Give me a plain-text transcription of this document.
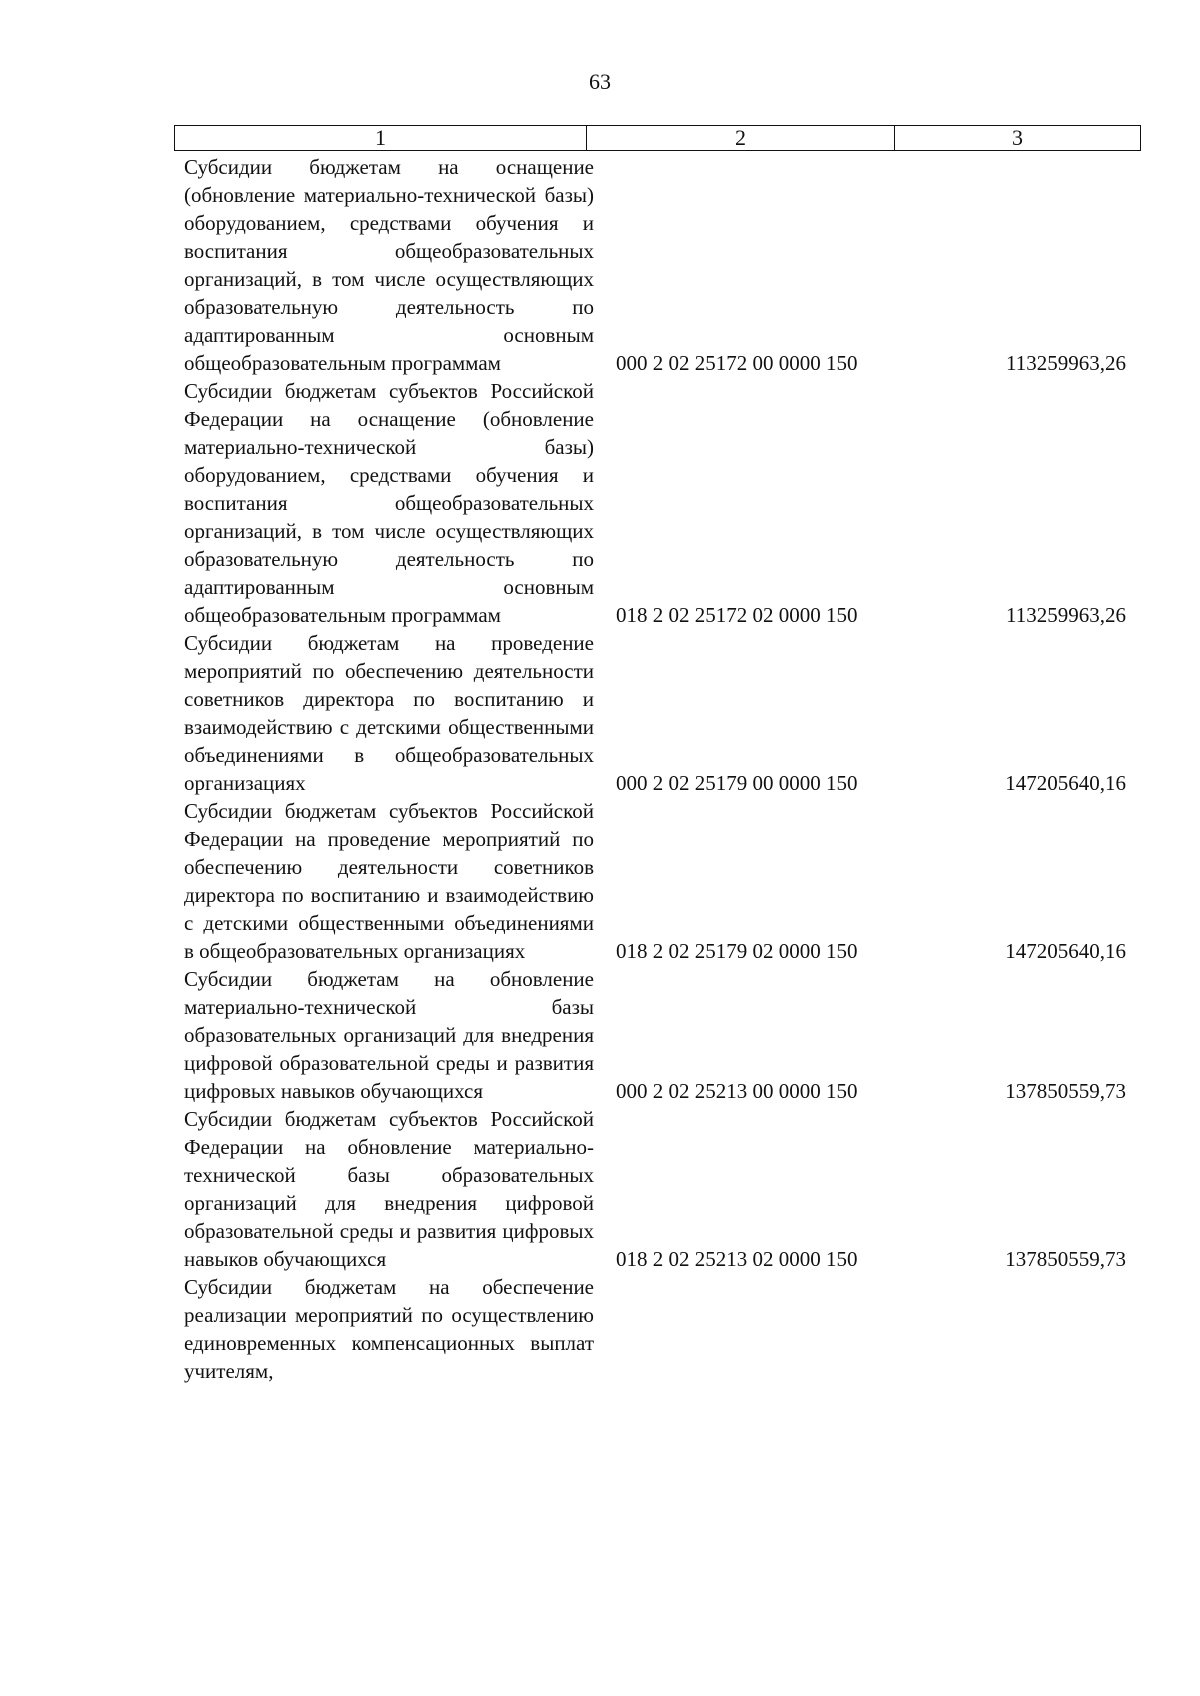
63
1	2	3
Субсидии бюджетам на оснащение (обновление материально-технической базы) оборудованием, средствами обучения и воспитания общеобразовательных организаций, в том числе осуществляющих образовательную деятельность по адаптированным основным общеобразовательным программам	000 2 02 25172 00 0000 150	113259963,26
Субсидии бюджетам субъектов Российской Федерации на оснащение (обновление материально-технической базы) оборудованием, средствами обучения и воспитания общеобразовательных организаций, в том числе осуществляющих образовательную деятельность по адаптированным основным общеобразовательным программам	018 2 02 25172 02 0000 150	113259963,26
Субсидии бюджетам на проведение мероприятий по обеспечению деятельности советников директора по воспитанию и взаимодействию с детскими общественными объединениями в общеобразовательных организациях	000 2 02 25179 00 0000 150	147205640,16
Субсидии бюджетам субъектов Российской Федерации на проведение мероприятий по обеспечению деятельности советников директора по воспитанию и взаимодействию с детскими общественными объединениями в общеобразовательных организациях	018 2 02 25179 02 0000 150	147205640,16
Субсидии бюджетам на обновление материально-технической базы образовательных организаций для внедрения цифровой образовательной среды и развития цифровых навыков обучающихся	000 2 02 25213 00 0000 150	137850559,73
Субсидии бюджетам субъектов Российской Федерации на обновление материально-технической базы образовательных организаций для внедрения цифровой образовательной среды и развития цифровых навыков обучающихся	018 2 02 25213 02 0000 150	137850559,73
Субсидии бюджетам на обеспечение реализации мероприятий по осуществлению единовременных компенсационных выплат учителям,
